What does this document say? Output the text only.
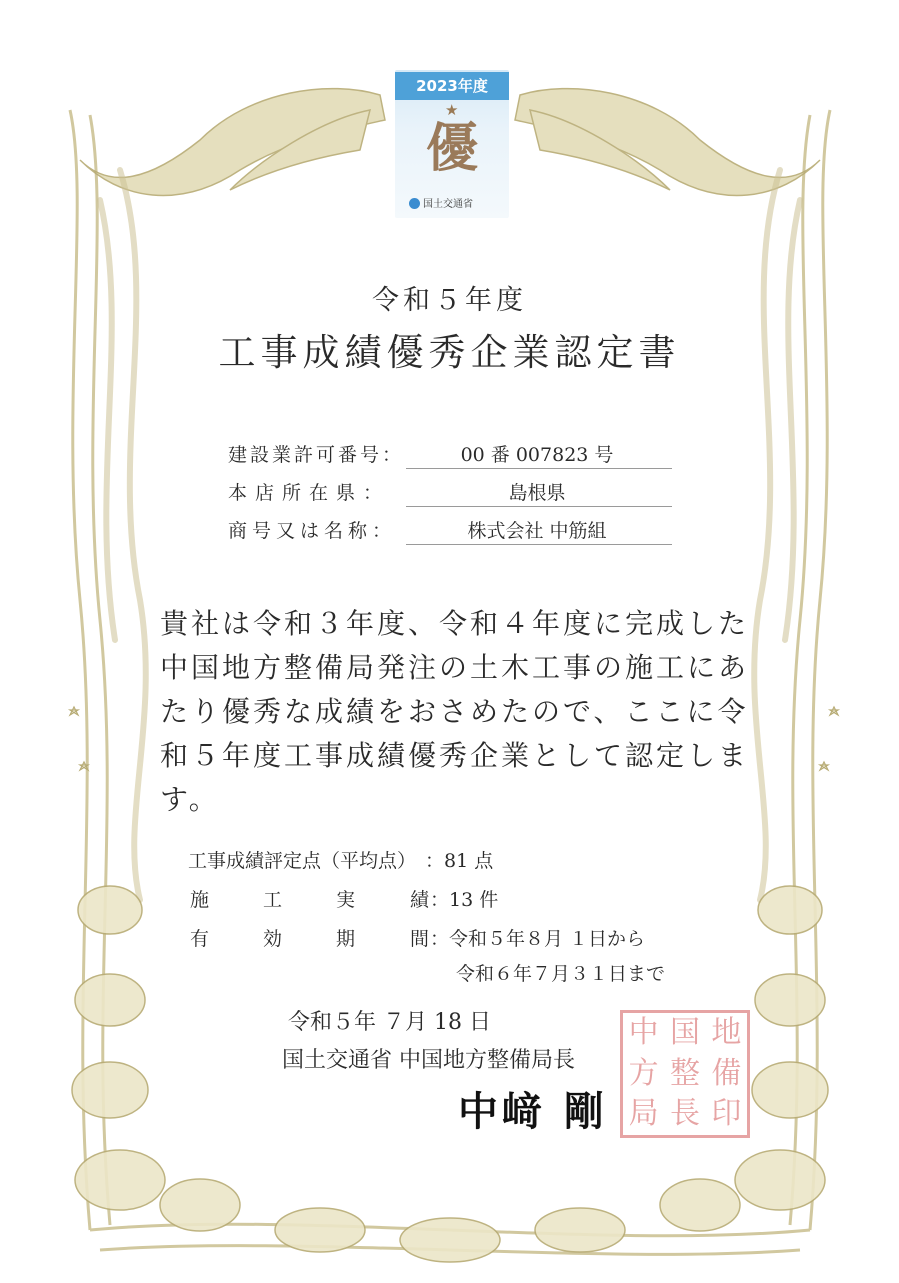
2023年度
★
優
国土交通省
令和５年度
工事成績優秀企業認定書
建設業許可番号：	00 番 007823 号
本店所在県：	島根県
商号又は名称：	株式会社 中筋組
貴社は令和３年度、令和４年度に完成した
中国地方整備局発注の土木工事の施工にあ
たり優秀な成績をおさめたので、ここに令
和５年度工事成績優秀企業として認定しま
す。
工事成績評定点（平均点） ：81 点
施	工	実	績 ：13 件
有	効	期	間 ：令和５年８月 １日から
令和６年７月３１日まで
令和５年 ７月 18 日
国土交通省 中国地方整備局長
中﨑 剛
中 国 地
方 整 備
局 長 印
